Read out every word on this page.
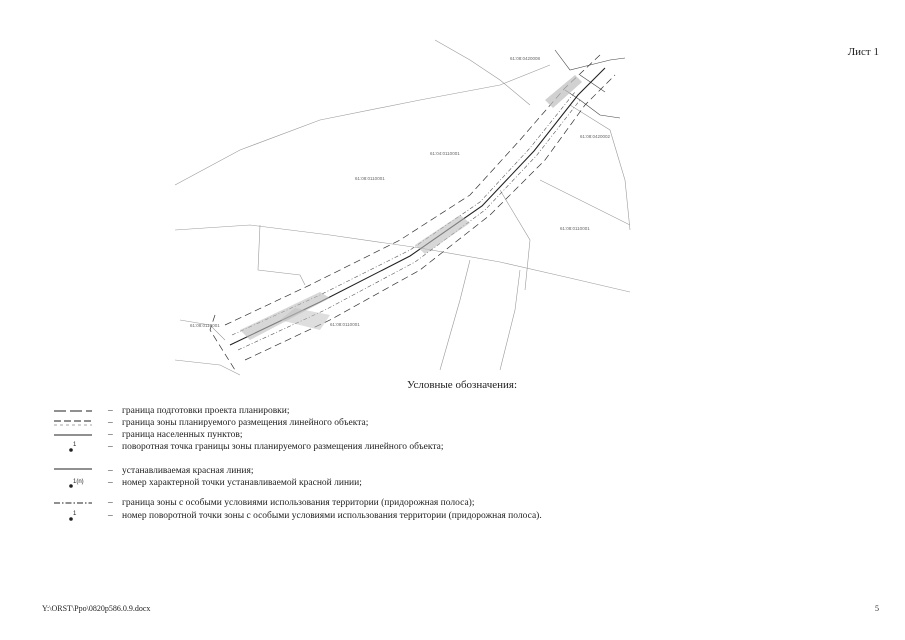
Лист 1
61:08:0420008
61:08:0420002
61:08:0110001
61:08:0110001
61:08:0110001	61:08:0110001
61:04:0110001
Условные обозначения:
– граница подготовки проекта планировки;
– граница зоны планируемого размещения линейного объекта;
– граница населенных пунктов;
1	– поворотная точка границы зоны планируемого размещения линейного объекта;
– устанавливаемая красная линия;
1(n)	– номер характерной точки устанавливаемой красной линии;
– граница зоны с особыми условиями использования территории (придорожная полоса);
1	– номер поворотной точки зоны с особыми условиями использования территории (придорожная полоса).
Y:\ORST\Ppo\0820p586.0.9.docx	5
